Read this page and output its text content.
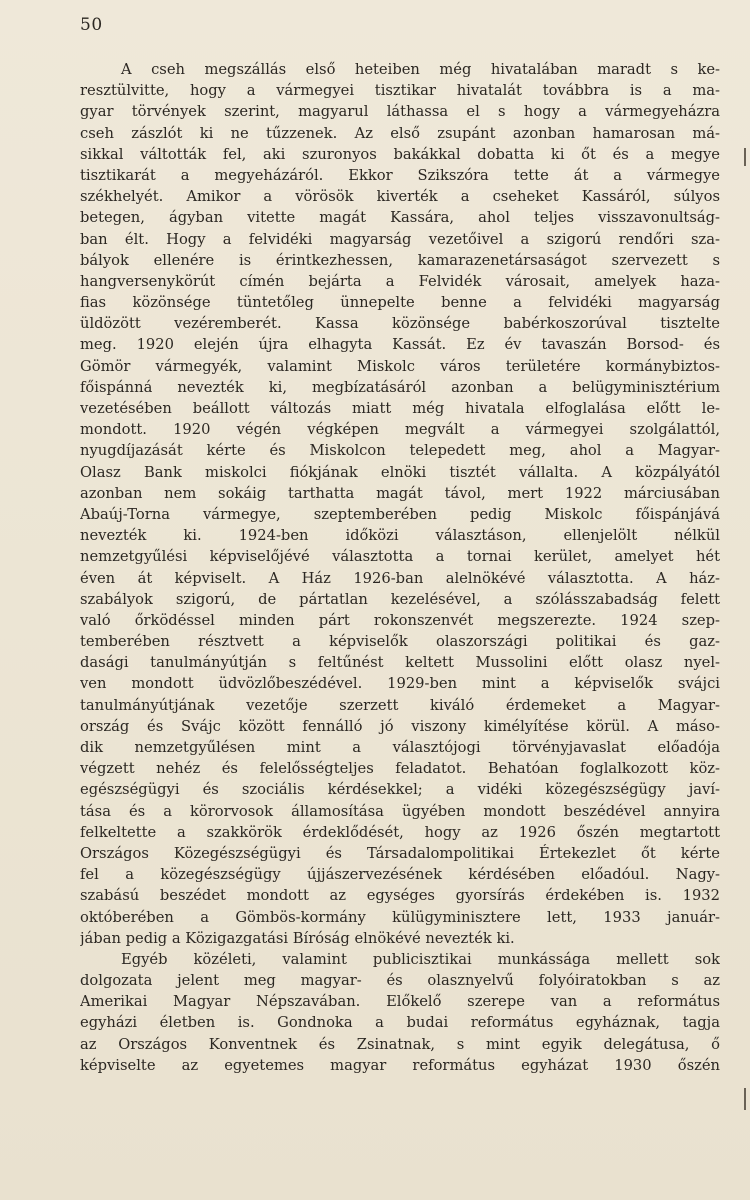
50
A cseh megszállás első heteiben még hivatalában maradt s ke-
resztülvitte, hogy a vármegyei tisztikar hivatalát továbbra is a ma-
gyar törvények szerint, magyarul láthassa el s hogy a vármegyeházra
cseh zászlót ki ne tűzzenek. Az első zsupánt azonban hamarosan má-
sikkal váltották fel, aki szuronyos bakákkal dobatta ki őt és a megye
tisztikarát a megyeházáról. Ekkor Szikszóra tette át a vármegye
székhelyét. Amikor a vörösök kiverték a cseheket Kassáról, súlyos
betegen, ágyban vitette magát Kassára, ahol teljes visszavonultság-
ban élt. Hogy a felvidéki magyarság vezetőivel a szigorú rendőri sza-
bályok ellenére is érintkezhessen, kamarazenetársaságot szervezett s
hangversenykörút címén bejárta a Felvidék városait, amelyek haza-
fias közönsége tüntetőleg ünnepelte benne a felvidéki magyarság
üldözött vezéremberét. Kassa közönsége babérkoszorúval tisztelte
meg. 1920 elején újra elhagyta Kassát. Ez év tavaszán Borsod- és
Gömör vármegyék, valamint Miskolc város területére kormánybiztos-
főispánná nevezték ki, megbízatásáról azonban a belügyminisztérium
vezetésében beállott változás miatt még hivatala elfoglalása előtt le-
mondott. 1920 végén végképen megvált a vármegyei szolgálattól,
nyugdíjazását kérte és Miskolcon telepedett meg, ahol a Magyar-
Olasz Bank miskolci fiókjának elnöki tisztét vállalta. A közpályától
azonban nem sokáig tarthatta magát távol, mert 1922 márciusában
Abaúj-Torna vármegye, szeptemberében pedig Miskolc főispánjává
nevezték ki. 1924-ben időközi választáson, ellenjelölt nélkül
nemzetgyűlési képviselőjévé választotta a tornai kerület, amelyet hét
éven át képviselt. A Ház 1926-ban alelnökévé választotta. A ház-
szabályok szigorú, de pártatlan kezelésével, a szólásszabadság felett
való őrködéssel minden párt rokonszenvét megszerezte. 1924 szep-
temberében résztvett a képviselők olaszországi politikai és gaz-
dasági tanulmányútján s feltűnést keltett Mussolini előtt olasz nyel-
ven mondott üdvözlőbeszédével. 1929-ben mint a képviselők svájci
tanulmányútjának vezetője szerzett kiváló érdemeket a Magyar-
ország és Svájc között fennálló jó viszony kimélyítése körül. A máso-
dik nemzetgyűlésen mint a választójogi törvényjavaslat előadója
végzett nehéz és felelősségteljes feladatot. Behatóan foglalkozott köz-
egészségügyi és szociális kérdésekkel; a vidéki közegészségügy javí-
tása és a körorvosok államosítása ügyében mondott beszédével annyira
felkeltette a szakkörök érdeklődését, hogy az 1926 őszén megtartott
Országos Közegészségügyi és Társadalompolitikai Értekezlet őt kérte
fel a közegészségügy újjászervezésének kérdésében előadóul. Nagy-
szabású beszédet mondott az egységes gyorsírás érdekében is. 1932
októberében a Gömbös-kormány külügyminisztere lett, 1933 január-
jában pedig a Közigazgatási Bíróság elnökévé nevezték ki.
Egyéb közéleti, valamint publicisztikai munkássága mellett sok
dolgozata jelent meg magyar- és olasznyelvű folyóiratokban s az
Amerikai Magyar Népszavában. Előkelő szerepe van a református
egyházi életben is. Gondnoka a budai református egyháznak, tagja
az Országos Konventnek és Zsinatnak, s mint egyik delegátusa, ő
képviselte az egyetemes magyar református egyházat 1930 őszén
